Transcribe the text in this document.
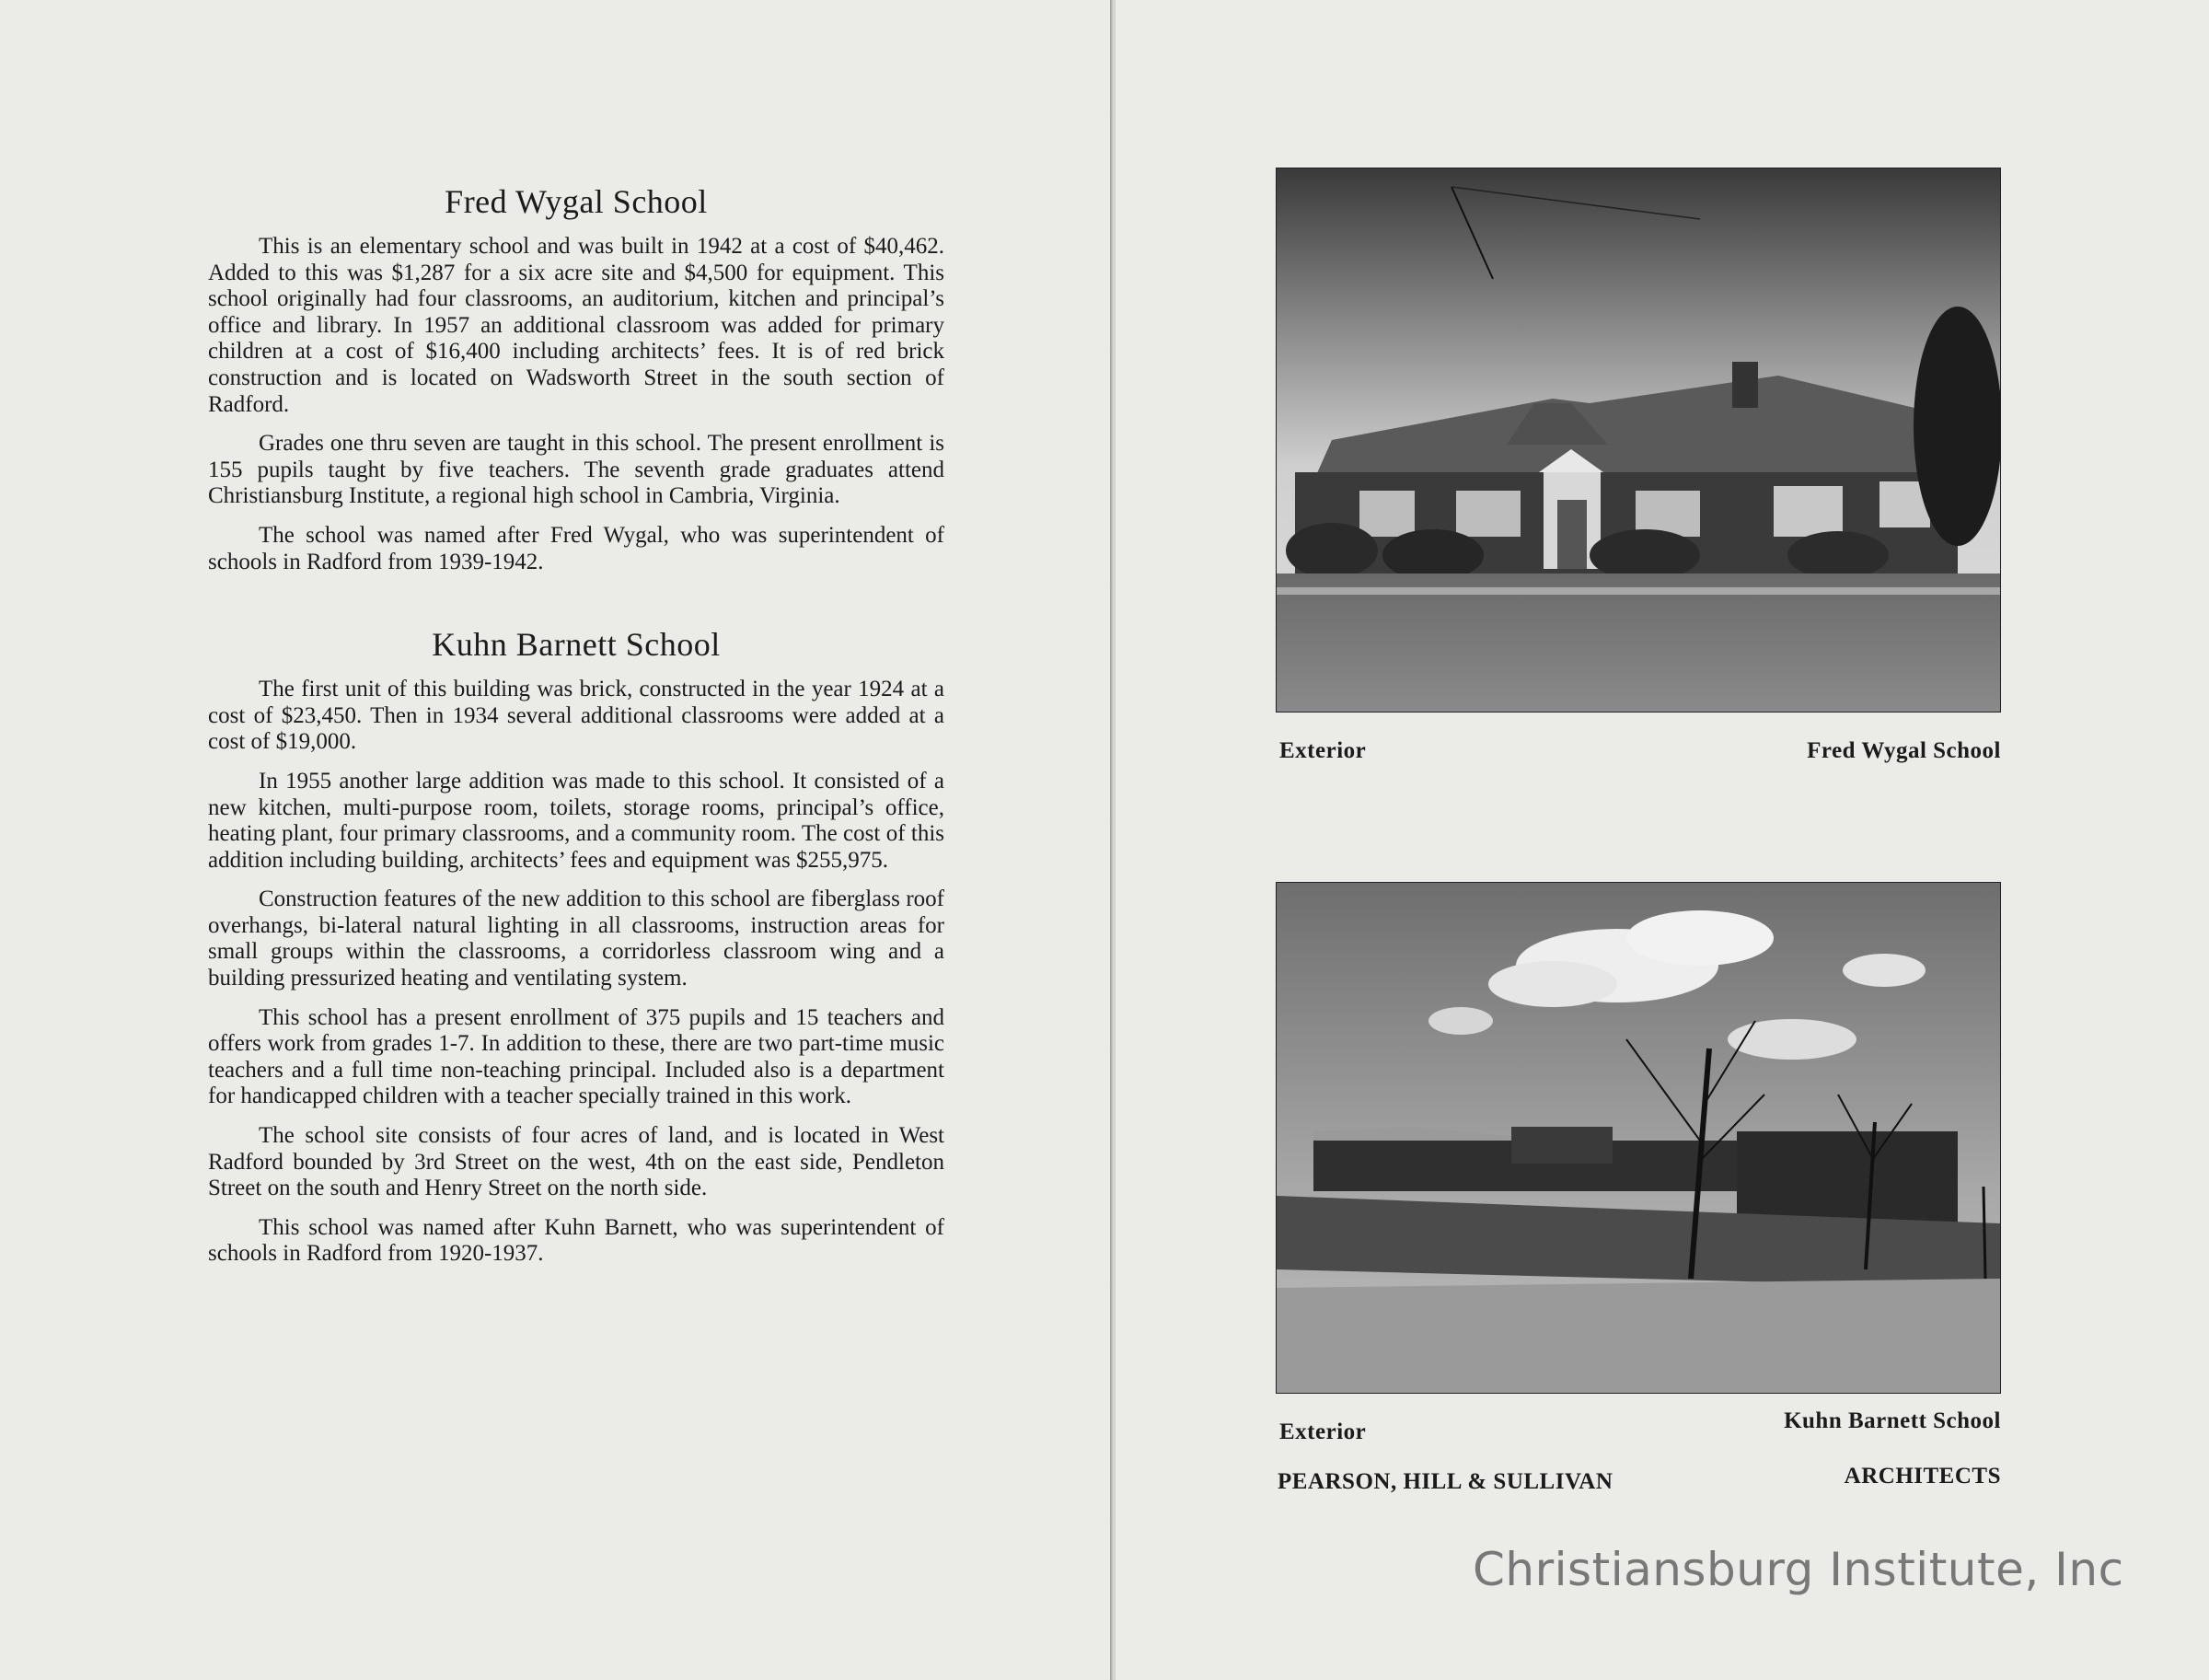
Fred Wygal School

This is an elementary school and was built in 1942 at a cost of $40,462. Added to this was $1,287 for a six acre site and $4,500 for equipment. This school originally had four classrooms, an auditorium, kitchen and principal’s office and library. In 1957 an additional classroom was added for primary children at a cost of $16,400 including architects’ fees. It is of red brick construction and is located on Wadsworth Street in the south section of Radford.

Grades one thru seven are taught in this school. The present enrollment is 155 pupils taught by five teachers. The seventh grade graduates attend Christiansburg Institute, a regional high school in Cambria, Virginia.

The school was named after Fred Wygal, who was superintendent of schools in Radford from 1939-1942.

Kuhn Barnett School

The first unit of this building was brick, constructed in the year 1924 at a cost of $23,450. Then in 1934 several additional classrooms were added at a cost of $19,000.

In 1955 another large addition was made to this school. It consisted of a new kitchen, multi-purpose room, toilets, storage rooms, principal’s office, heating plant, four primary classrooms, and a community room. The cost of this addition including building, architects’ fees and equipment was $255,975.

Construction features of the new addition to this school are fiberglass roof overhangs, bi-lateral natural lighting in all classrooms, instruction areas for small groups within the classrooms, a corridorless classroom wing and a building pressurized heating and ventilating system.

This school has a present enrollment of 375 pupils and 15 teachers and offers work from grades 1-7. In addition to these, there are two part-time music teachers and a full time non-teaching principal. Included also is a department for handicapped children with a teacher specially trained in this work.

The school site consists of four acres of land, and is located in West Radford bounded by 3rd Street on the west, 4th on the east side, Pendleton Street on the south and Henry Street on the north side.

This school was named after Kuhn Barnett, who was superintendent of schools in Radford from 1920-1937.

Exterior	Fred Wygal School
Exterior	Kuhn Barnett School
PEARSON, HILL & SULLIVAN	ARCHITECTS
Christiansburg Institute, Inc
